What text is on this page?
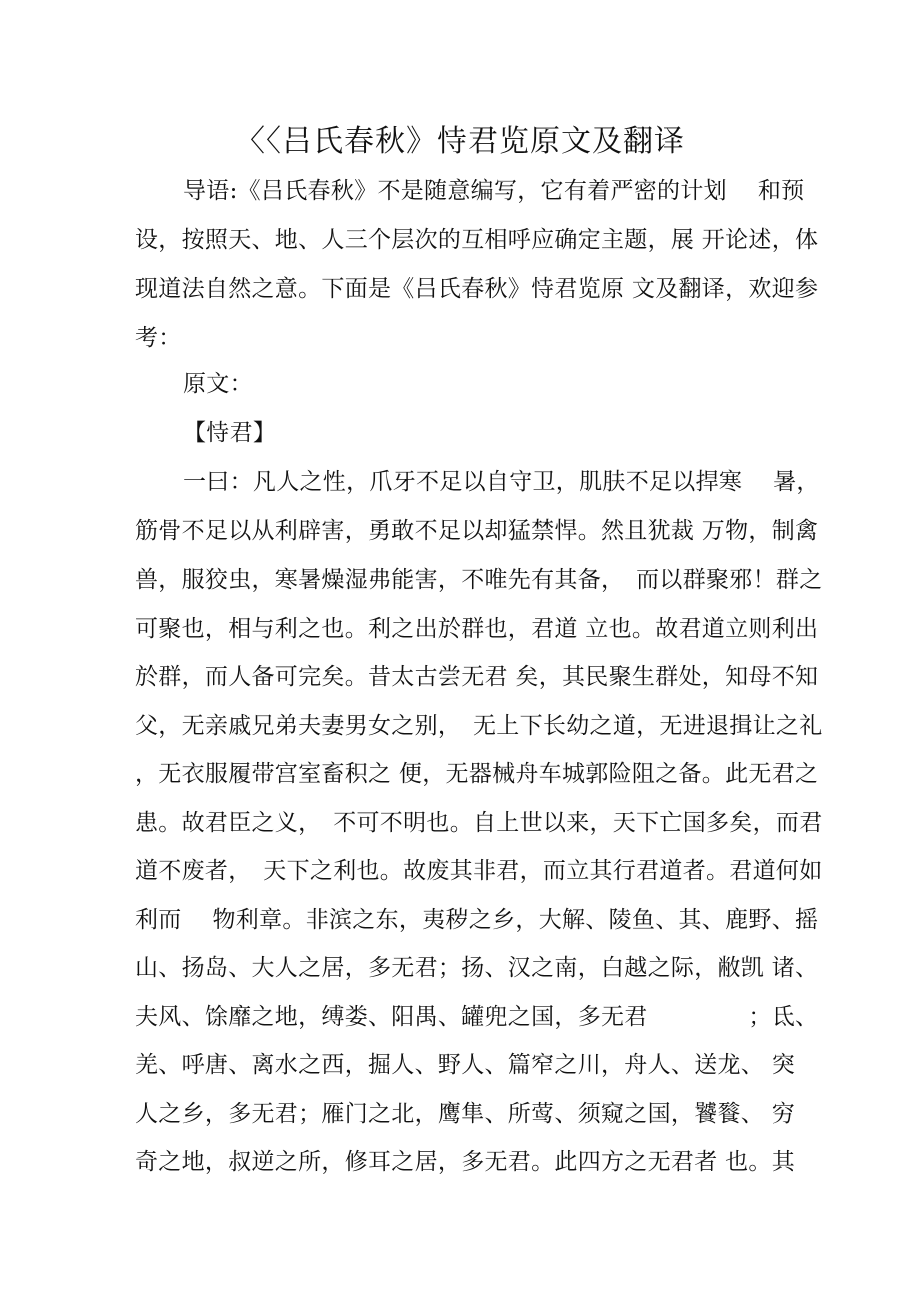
〈〈吕氏春秋》恃君览原文及翻译
导语:《吕氏春秋》不是随意编写，它有着严密的计划　 和预
设，按照天、地、人三个层次的互相呼应确定主题，展 开论述，体
现道法自然之意。下面是《吕氏春秋》恃君览原 文及翻译，欢迎参
考：
原文：
【恃君】
一曰：凡人之性，爪牙不足以自守卫，肌肤不足以捍寒　 暑，
筋骨不足以从利辟害，勇敢不足以却猛禁悍。然且犹裁 万物，制禽
兽，服狡虫，寒暑燥湿弗能害，不唯先有其备，　而以群聚邪！群之
可聚也，相与利之也。利之出於群也，君道 立也。故君道立则利出
於群，而人备可完矣。昔太古尝无君 矣，其民聚生群处，知母不知
父，无亲戚兄弟夫妻男女之别，　无上下长幼之道，无进退揖让之礼
，无衣服履带宫室畜积之 便，无器械舟车城郭险阻之备。此无君之
患。故君臣之义，　不可不明也。自上世以来，天下亡国多矣，而君
道不废者，　天下之利也。故废其非君，而立其行君道者。君道何如
利而　 物利章。非滨之东，夷秽之乡，大解、陵鱼、其、鹿野、摇
山、扬岛、大人之居，多无君；扬、汉之南，白越之际，敝凯 诸、
夫风、馀靡之地，缚娄、阳禺、罐兜之国，多无君　　　　 ；氐、
羌、呼唐、离水之西，掘人、野人、篇窄之川，舟人、送龙、 突
人之乡，多无君；雁门之北，鹰隼、所莺、须窥之国，饕餮、 穷
奇之地，叔逆之所，修耳之居，多无君。此四方之无君者 也。其
